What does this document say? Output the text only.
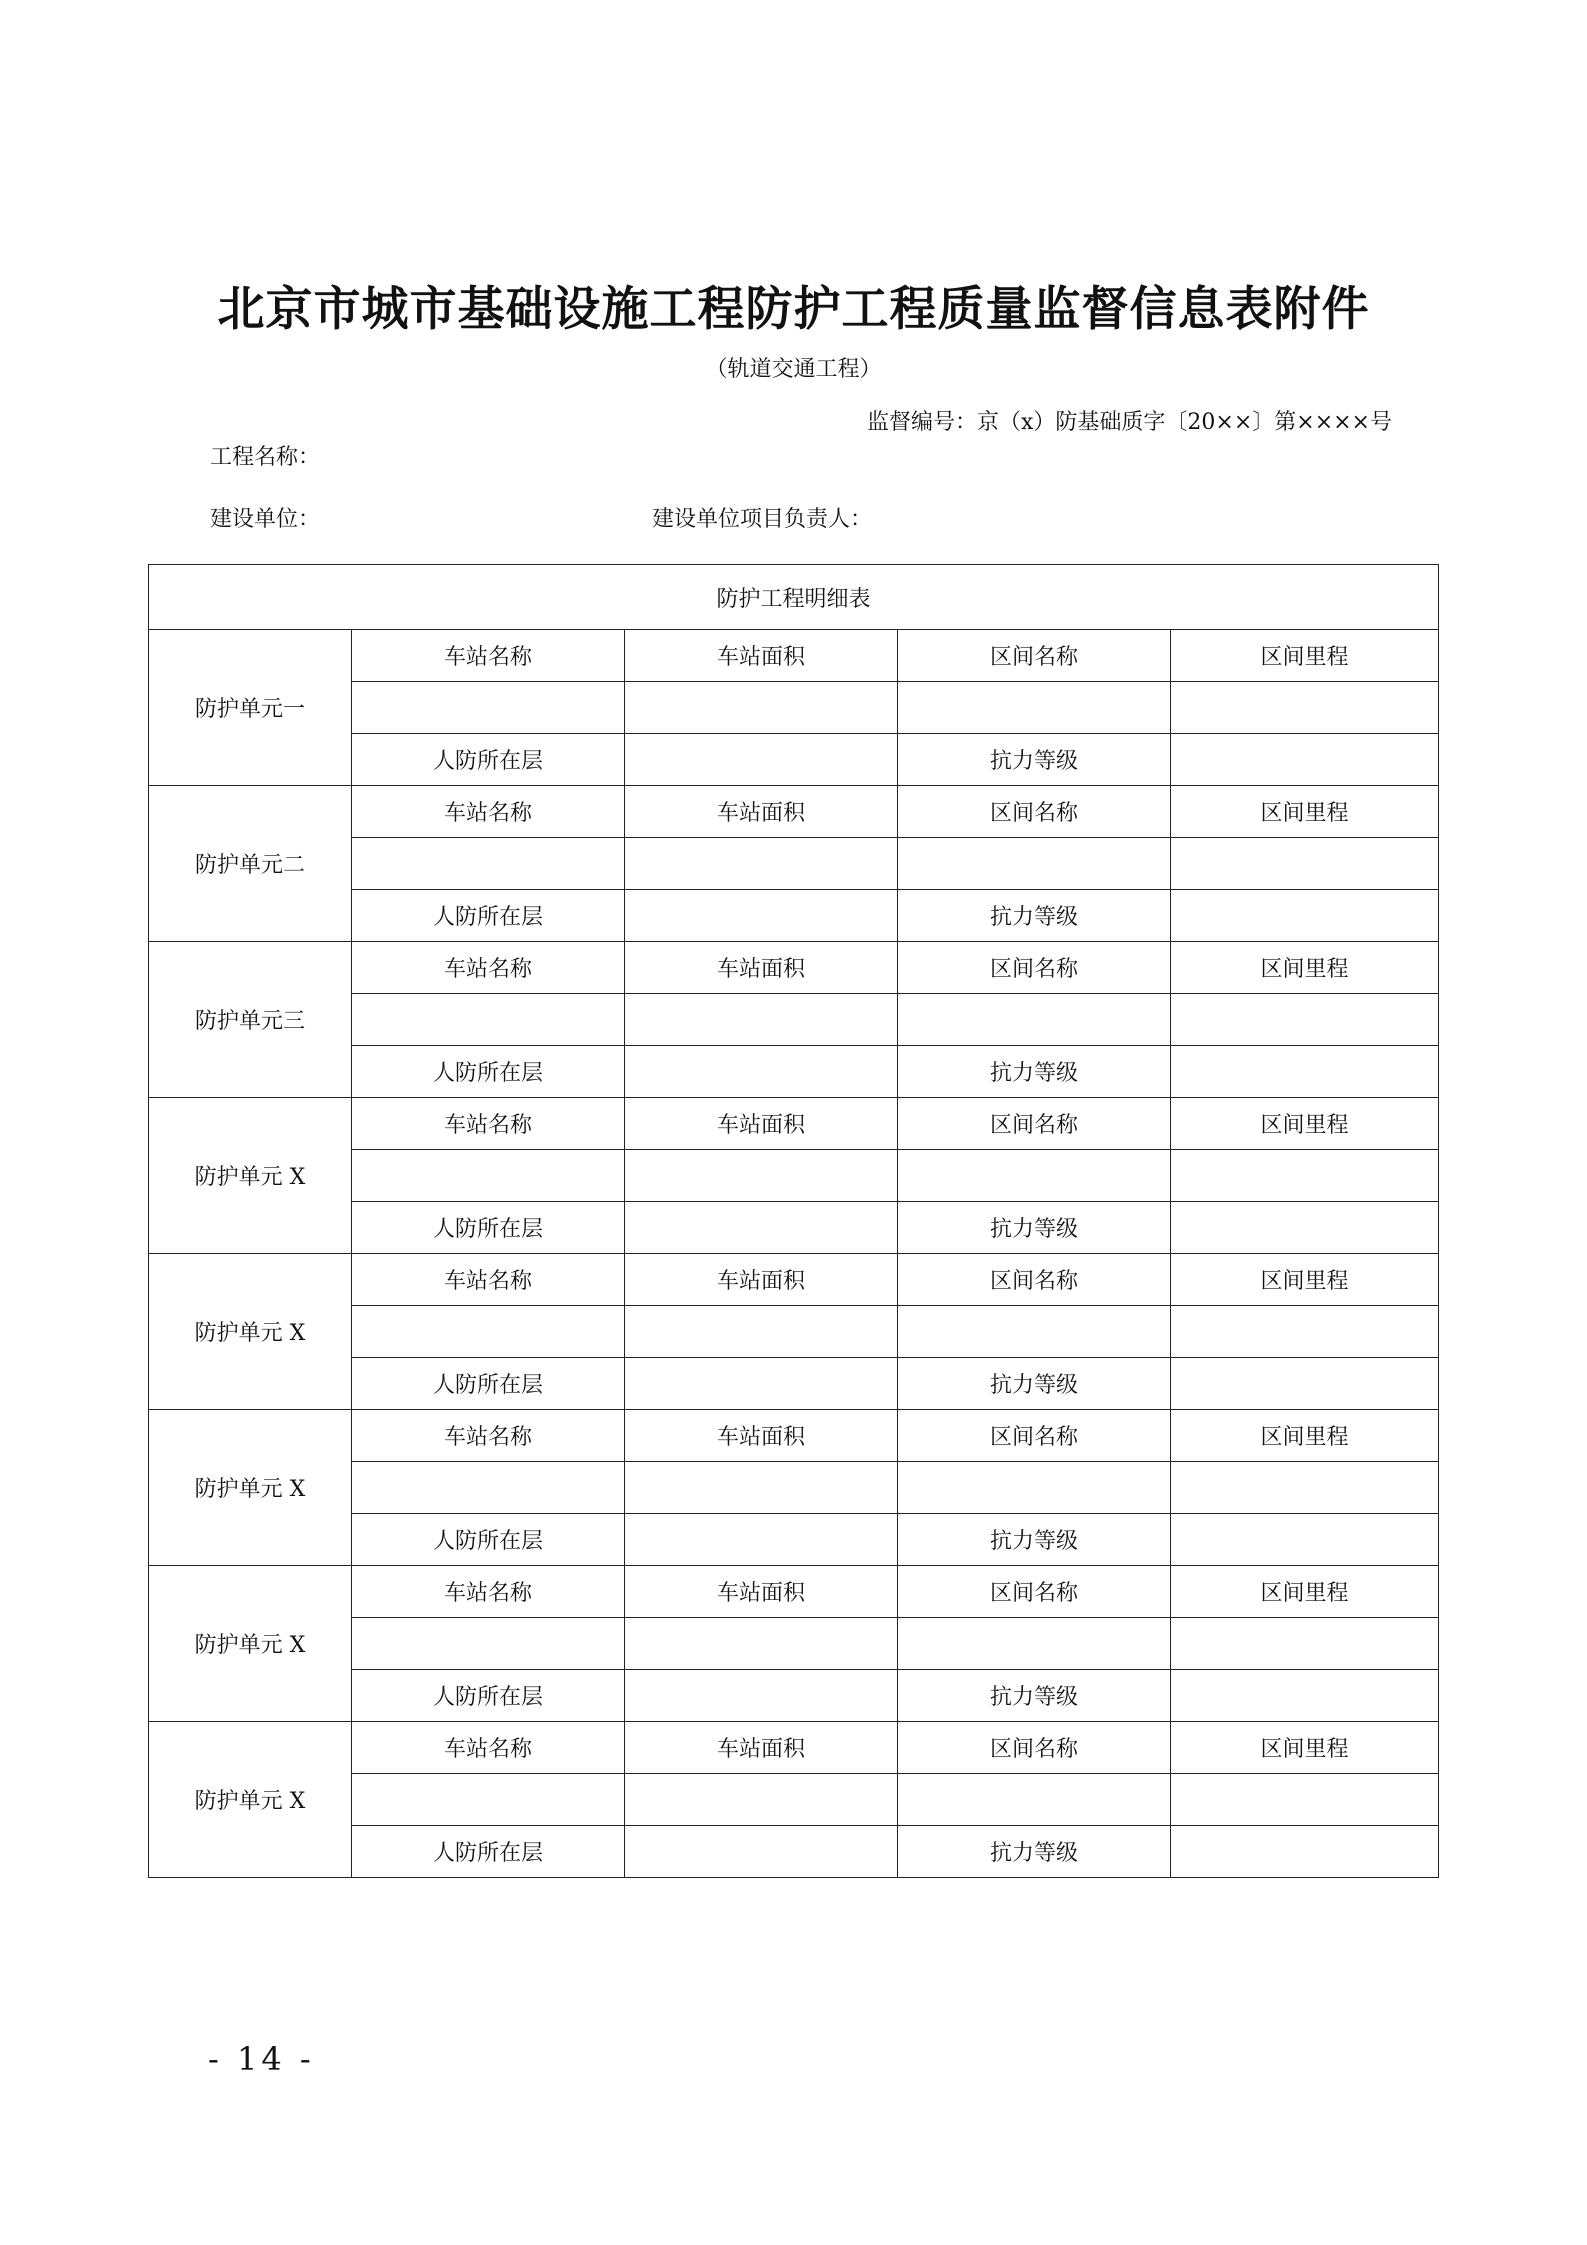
北京市城市基础设施工程防护工程质量监督信息表附件
（轨道交通工程）
监督编号：京（x）防基础质字〔20××〕第××××号
工程名称：
建设单位：	建设单位项目负责人：
防护工程明细表				
防护单元一	车站名称	车站面积	区间名称	区间里程

	人防所在层		抗力等级	
防护单元二	车站名称	车站面积	区间名称	区间里程

	人防所在层		抗力等级	
防护单元三	车站名称	车站面积	区间名称	区间里程

	人防所在层		抗力等级	
防护单元 X	车站名称	车站面积	区间名称	区间里程

	人防所在层		抗力等级	
防护单元 X	车站名称	车站面积	区间名称	区间里程

	人防所在层		抗力等级	
防护单元 X	车站名称	车站面积	区间名称	区间里程

	人防所在层		抗力等级	
防护单元 X	车站名称	车站面积	区间名称	区间里程

	人防所在层		抗力等级	
防护单元 X	车站名称	车站面积	区间名称	区间里程

	人防所在层		抗力等级	
- 14 -
